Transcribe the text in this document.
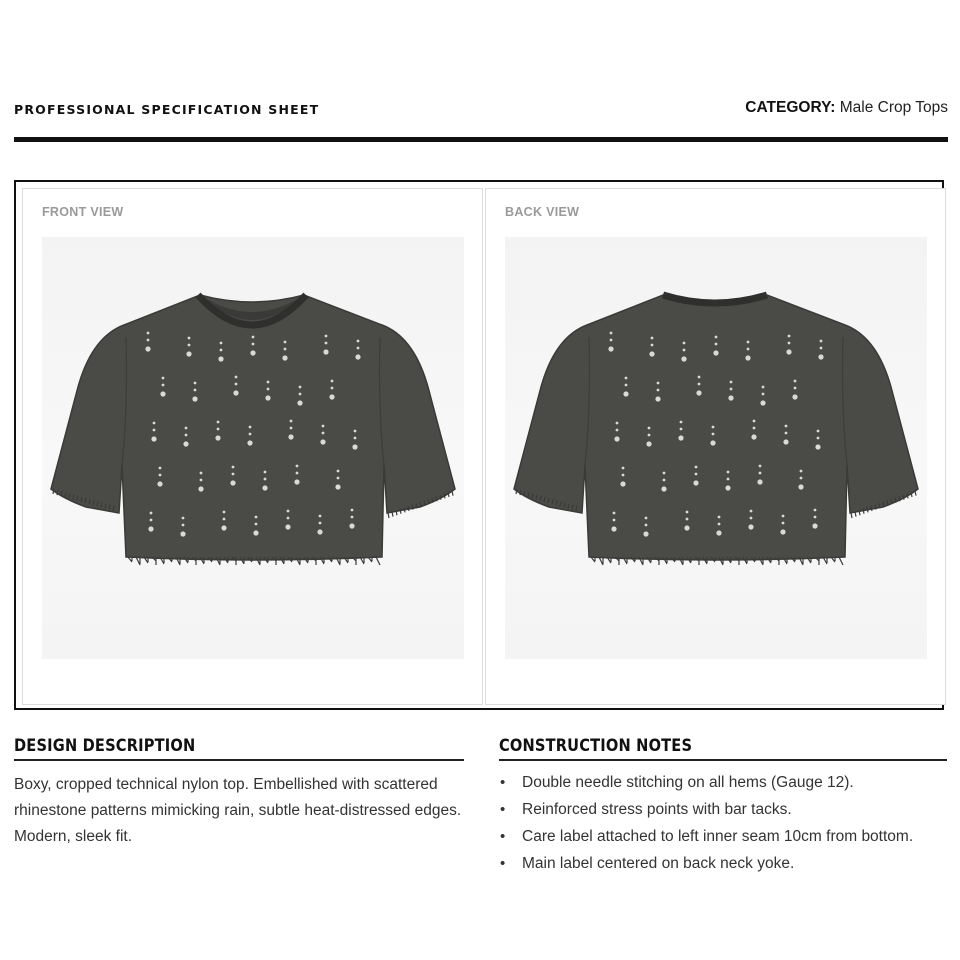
PROFESSIONAL SPECIFICATION SHEET	CATEGORY: Male Crop Tops
FRONT VIEW	BACK VIEW
DESIGN DESCRIPTION
Boxy, cropped technical nylon top. Embellished with scattered rhinestone patterns mimicking rain, subtle heat-distressed edges. Modern, sleek fit.
CONSTRUCTION NOTES
• Double needle stitching on all hems (Gauge 12).
• Reinforced stress points with bar tacks.
• Care label attached to left inner seam 10cm from bottom.
• Main label centered on back neck yoke.
